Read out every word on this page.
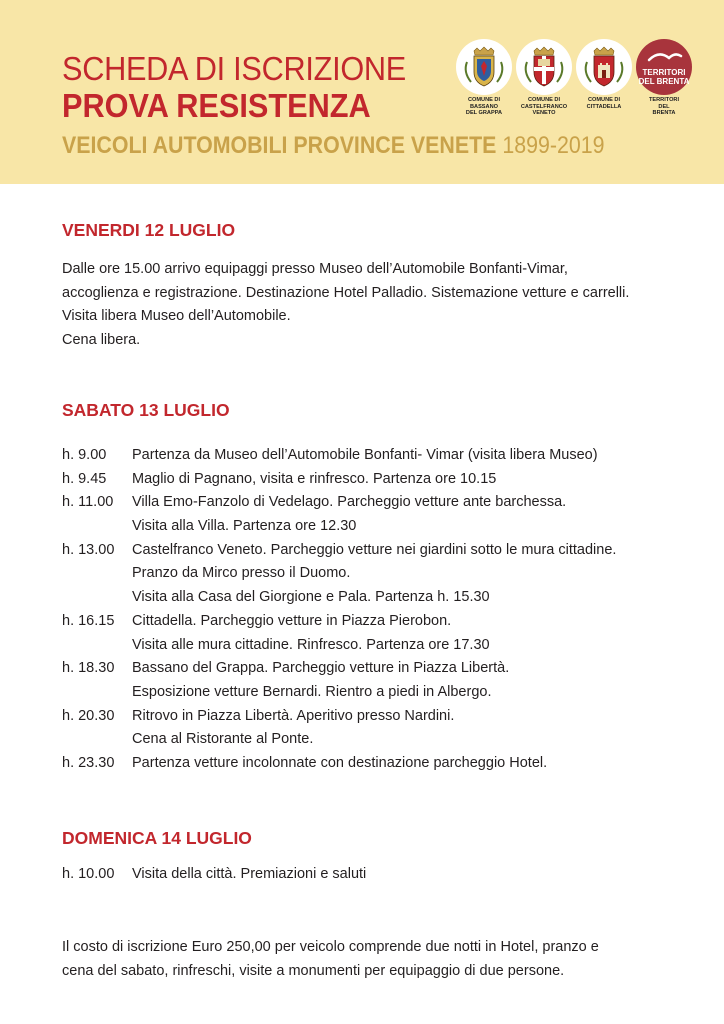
SCHEDA DI ISCRIZIONE
PROVA RESISTENZA
VEICOLI AUTOMOBILI PROVINCE VENETE 1899-2019
COMUNE DI
BASSANO
DEL GRAPPA
COMUNE DI
CASTELFRANCO
VENETO
COMUNE DI
CITTADELLA
TERRITORI
DEL BRENTA
TERRITORI
DEL
BRENTA
VENERDI 12 LUGLIO
Dalle ore 15.00 arrivo equipaggi presso Museo dell’Automobile Bonfanti-Vimar,
accoglienza e registrazione. Destinazione Hotel Palladio. Sistemazione vetture e carrelli.
Visita libera Museo dell’Automobile.
Cena libera.
SABATO 13 LUGLIO
h. 9.00 Partenza da Museo dell’Automobile Bonfanti- Vimar (visita libera Museo)
h. 9.45 Maglio di Pagnano, visita e rinfresco. Partenza ore 10.15
h. 11.00 Villa Emo-Fanzolo di Vedelago. Parcheggio vetture ante barchessa.
Visita alla Villa. Partenza ore 12.30
h. 13.00 Castelfranco Veneto. Parcheggio vetture nei giardini sotto le mura cittadine.
Pranzo da Mirco presso il Duomo.
Visita alla Casa del Giorgione e Pala. Partenza h. 15.30
h. 16.15 Cittadella. Parcheggio vetture in Piazza Pierobon.
Visita alle mura cittadine. Rinfresco. Partenza ore 17.30
h. 18.30 Bassano del Grappa. Parcheggio vetture in Piazza Libertà.
Esposizione vetture Bernardi. Rientro a piedi in Albergo.
h. 20.30 Ritrovo in Piazza Libertà. Aperitivo presso Nardini.
Cena al Ristorante al Ponte.
h. 23.30 Partenza vetture incolonnate con destinazione parcheggio Hotel.
DOMENICA 14 LUGLIO
h. 10.00 Visita della città. Premiazioni e saluti
Il costo di iscrizione Euro 250,00 per veicolo comprende due notti in Hotel, pranzo e
cena del sabato, rinfreschi, visite a monumenti per equipaggio di due persone.
